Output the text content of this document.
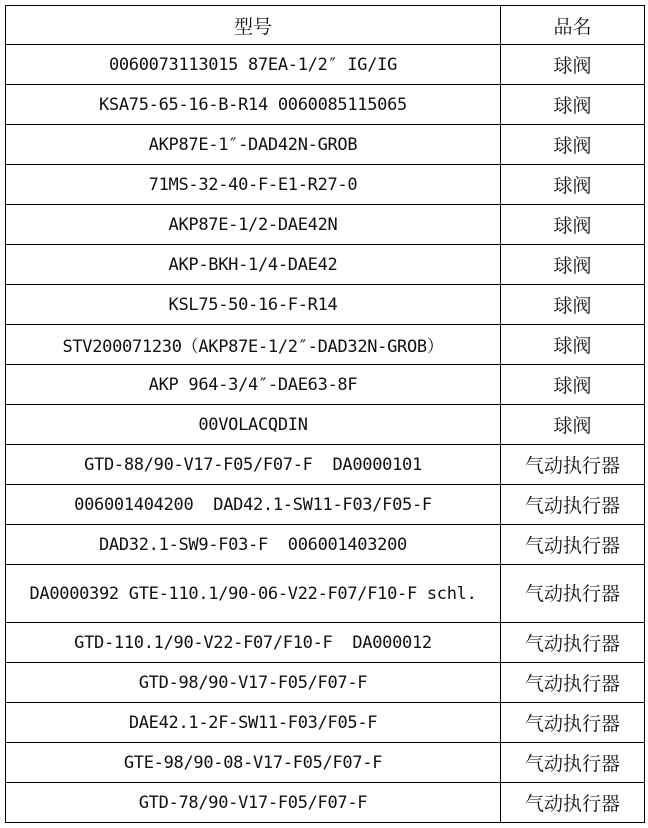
型号	品名
0060073113015 87EA-1/2″ IG/IG	球阀
KSA75-65-16-B-R14 0060085115065	球阀
AKP87E-1″-DAD42N-GROB	球阀
71MS-32-40-F-E1-R27-0	球阀
AKP87E-1/2-DAE42N	球阀
AKP-BKH-1/4-DAE42	球阀
KSL75-50-16-F-R14	球阀
STV200071230（AKP87E-1/2″-DAD32N-GROB）	球阀
AKP 964-3/4″-DAE63-8F	球阀
00VOLACQDIN	球阀
GTD-88/90-V17-F05/F07-F  DA0000101	气动执行器
006001404200  DAD42.1-SW11-F03/F05-F	气动执行器
DAD32.1-SW9-F03-F  006001403200	气动执行器
DA0000392 GTE-110.1/90-06-V22-F07/F10-F schl.	气动执行器
GTD-110.1/90-V22-F07/F10-F  DA000012	气动执行器
GTD-98/90-V17-F05/F07-F	气动执行器
DAE42.1-2F-SW11-F03/F05-F	气动执行器
GTE-98/90-08-V17-F05/F07-F	气动执行器
GTD-78/90-V17-F05/F07-F	气动执行器
